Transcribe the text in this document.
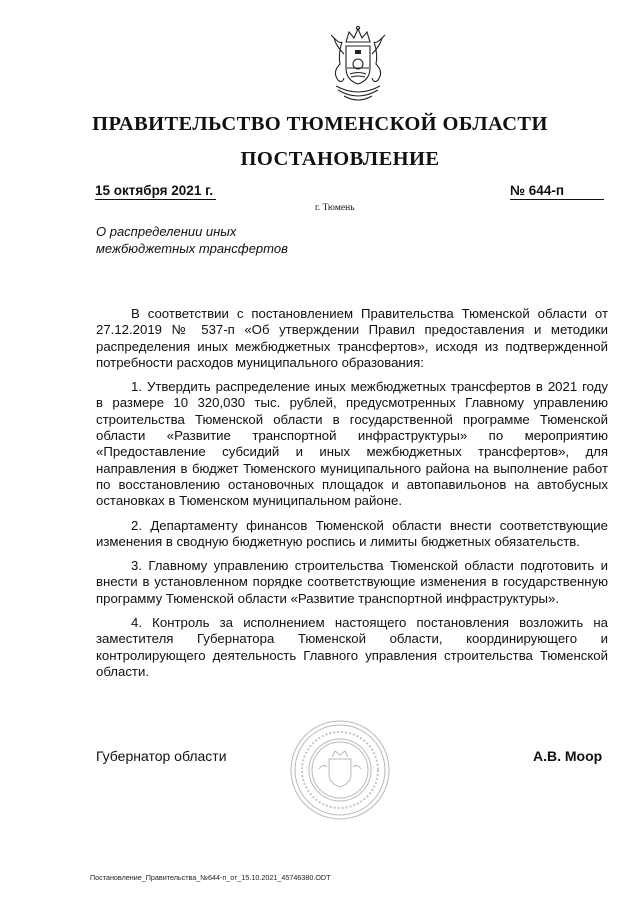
ПРАВИТЕЛЬСТВО ТЮМЕНСКОЙ ОБЛАСТИ
ПОСТАНОВЛЕНИЕ
15 октября 2021 г.	№ 644-п
г. Тюмень
О распределении иных
межбюджетных трансфертов

В соответствии с постановлением Правительства Тюменской области от 27.12.2019 № 537-п «Об утверждении Правил предоставления и методики распределения иных межбюджетных трансфертов», исходя из подтвержденной потребности расходов муниципального образования:

1. Утвердить распределение иных межбюджетных трансфертов в 2021 году в размере 10 320,030 тыс. рублей, предусмотренных Главному управлению строительства Тюменской области в государственной программе Тюменской области «Развитие транспортной инфраструктуры» по мероприятию «Предоставление субсидий и иных межбюджетных трансфертов», для направления в бюджет Тюменского муниципального района на выполнение работ по восстановлению остановочных площадок и автопавильонов на автобусных остановках в Тюменском муниципальном районе.

2. Департаменту финансов Тюменской области внести соответствующие изменения в сводную бюджетную роспись и лимиты бюджетных обязательств.

3. Главному управлению строительства Тюменской области подготовить и внести в установленном порядке соответствующие изменения в государственную программу Тюменской области «Развитие транспортной инфраструктуры».

4. Контроль за исполнением настоящего постановления возложить на заместителя Губернатора Тюменской области, координирующего и контролирующего деятельность Главного управления строительства Тюменской области.

Губернатор области	А.В. Моор
Постановление_Правительства_№644-п_от_15.10.2021_45746380.ODT
